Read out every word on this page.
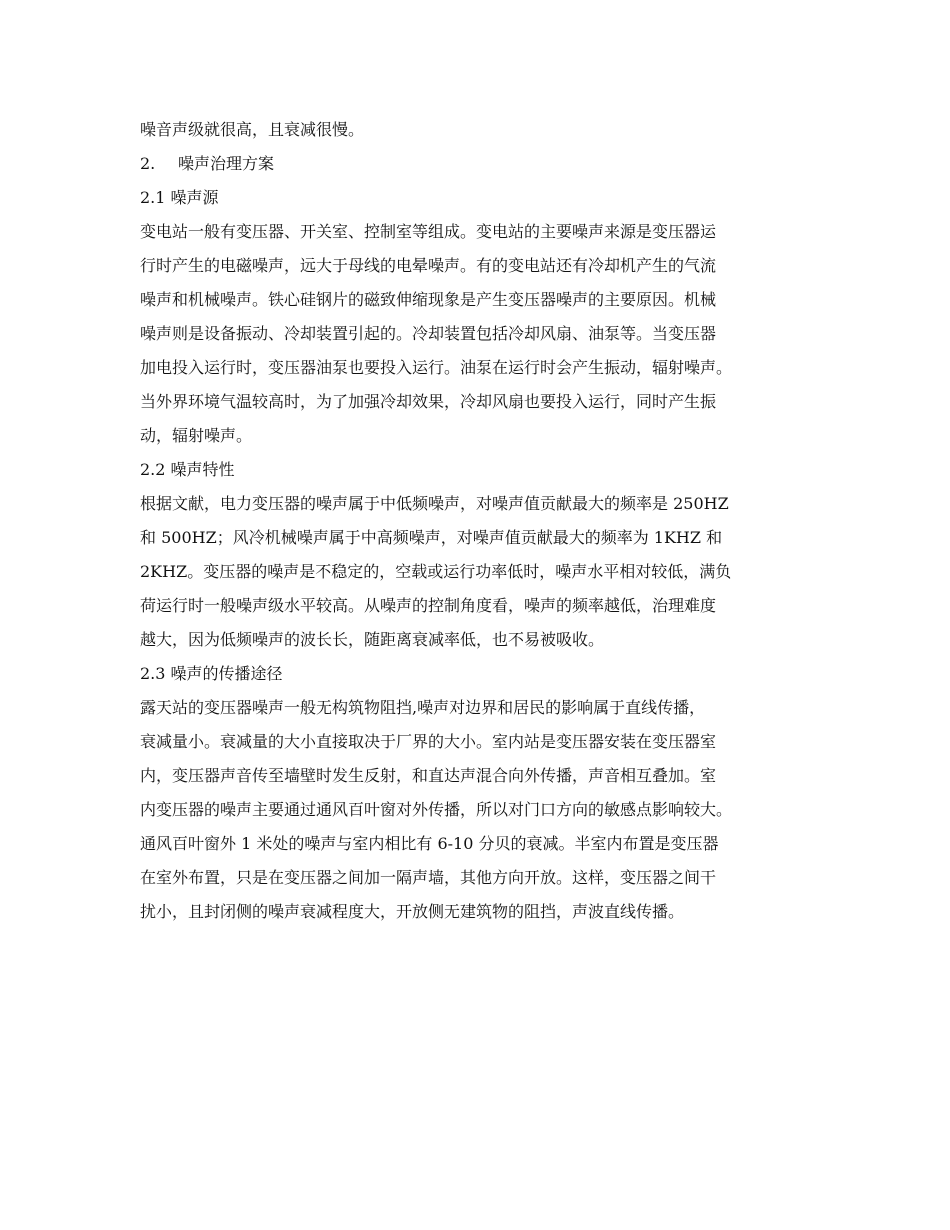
噪音声级就很高，且衰减很慢。
2. 噪声治理方案
2.1 噪声源
变电站一般有变压器、开关室、控制室等组成。变电站的主要噪声来源是变压器运
行时产生的电磁噪声，远大于母线的电晕噪声。有的变电站还有冷却机产生的气流
噪声和机械噪声。铁心硅钢片的磁致伸缩现象是产生变压器噪声的主要原因。机械
噪声则是设备振动、冷却装置引起的。冷却装置包括冷却风扇、油泵等。当变压器
加电投入运行时，变压器油泵也要投入运行。油泵在运行时会产生振动，辐射噪声。
当外界环境气温较高时，为了加强冷却效果，冷却风扇也要投入运行，同时产生振
动，辐射噪声。
2.2 噪声特性
根据文献，电力变压器的噪声属于中低频噪声，对噪声值贡献最大的频率是 250HZ
和 500HZ；风冷机械噪声属于中高频噪声，对噪声值贡献最大的频率为 1KHZ 和
2KHZ。变压器的噪声是不稳定的，空载或运行功率低时，噪声水平相对较低，满负
荷运行时一般噪声级水平较高。从噪声的控制角度看，噪声的频率越低，治理难度
越大，因为低频噪声的波长长，随距离衰减率低，也不易被吸收。
2.3 噪声的传播途径
露天站的变压器噪声一般无构筑物阻挡,噪声对边界和居民的影响属于直线传播，
衰减量小。衰减量的大小直接取决于厂界的大小。室内站是变压器安装在变压器室
内，变压器声音传至墙壁时发生反射，和直达声混合向外传播，声音相互叠加。室
内变压器的噪声主要通过通风百叶窗对外传播，所以对门口方向的敏感点影响较大。
通风百叶窗外 1 米处的噪声与室内相比有 6-10 分贝的衰减。半室内布置是变压器
在室外布置，只是在变压器之间加一隔声墙，其他方向开放。这样，变压器之间干
扰小，且封闭侧的噪声衰减程度大，开放侧无建筑物的阻挡，声波直线传播。
